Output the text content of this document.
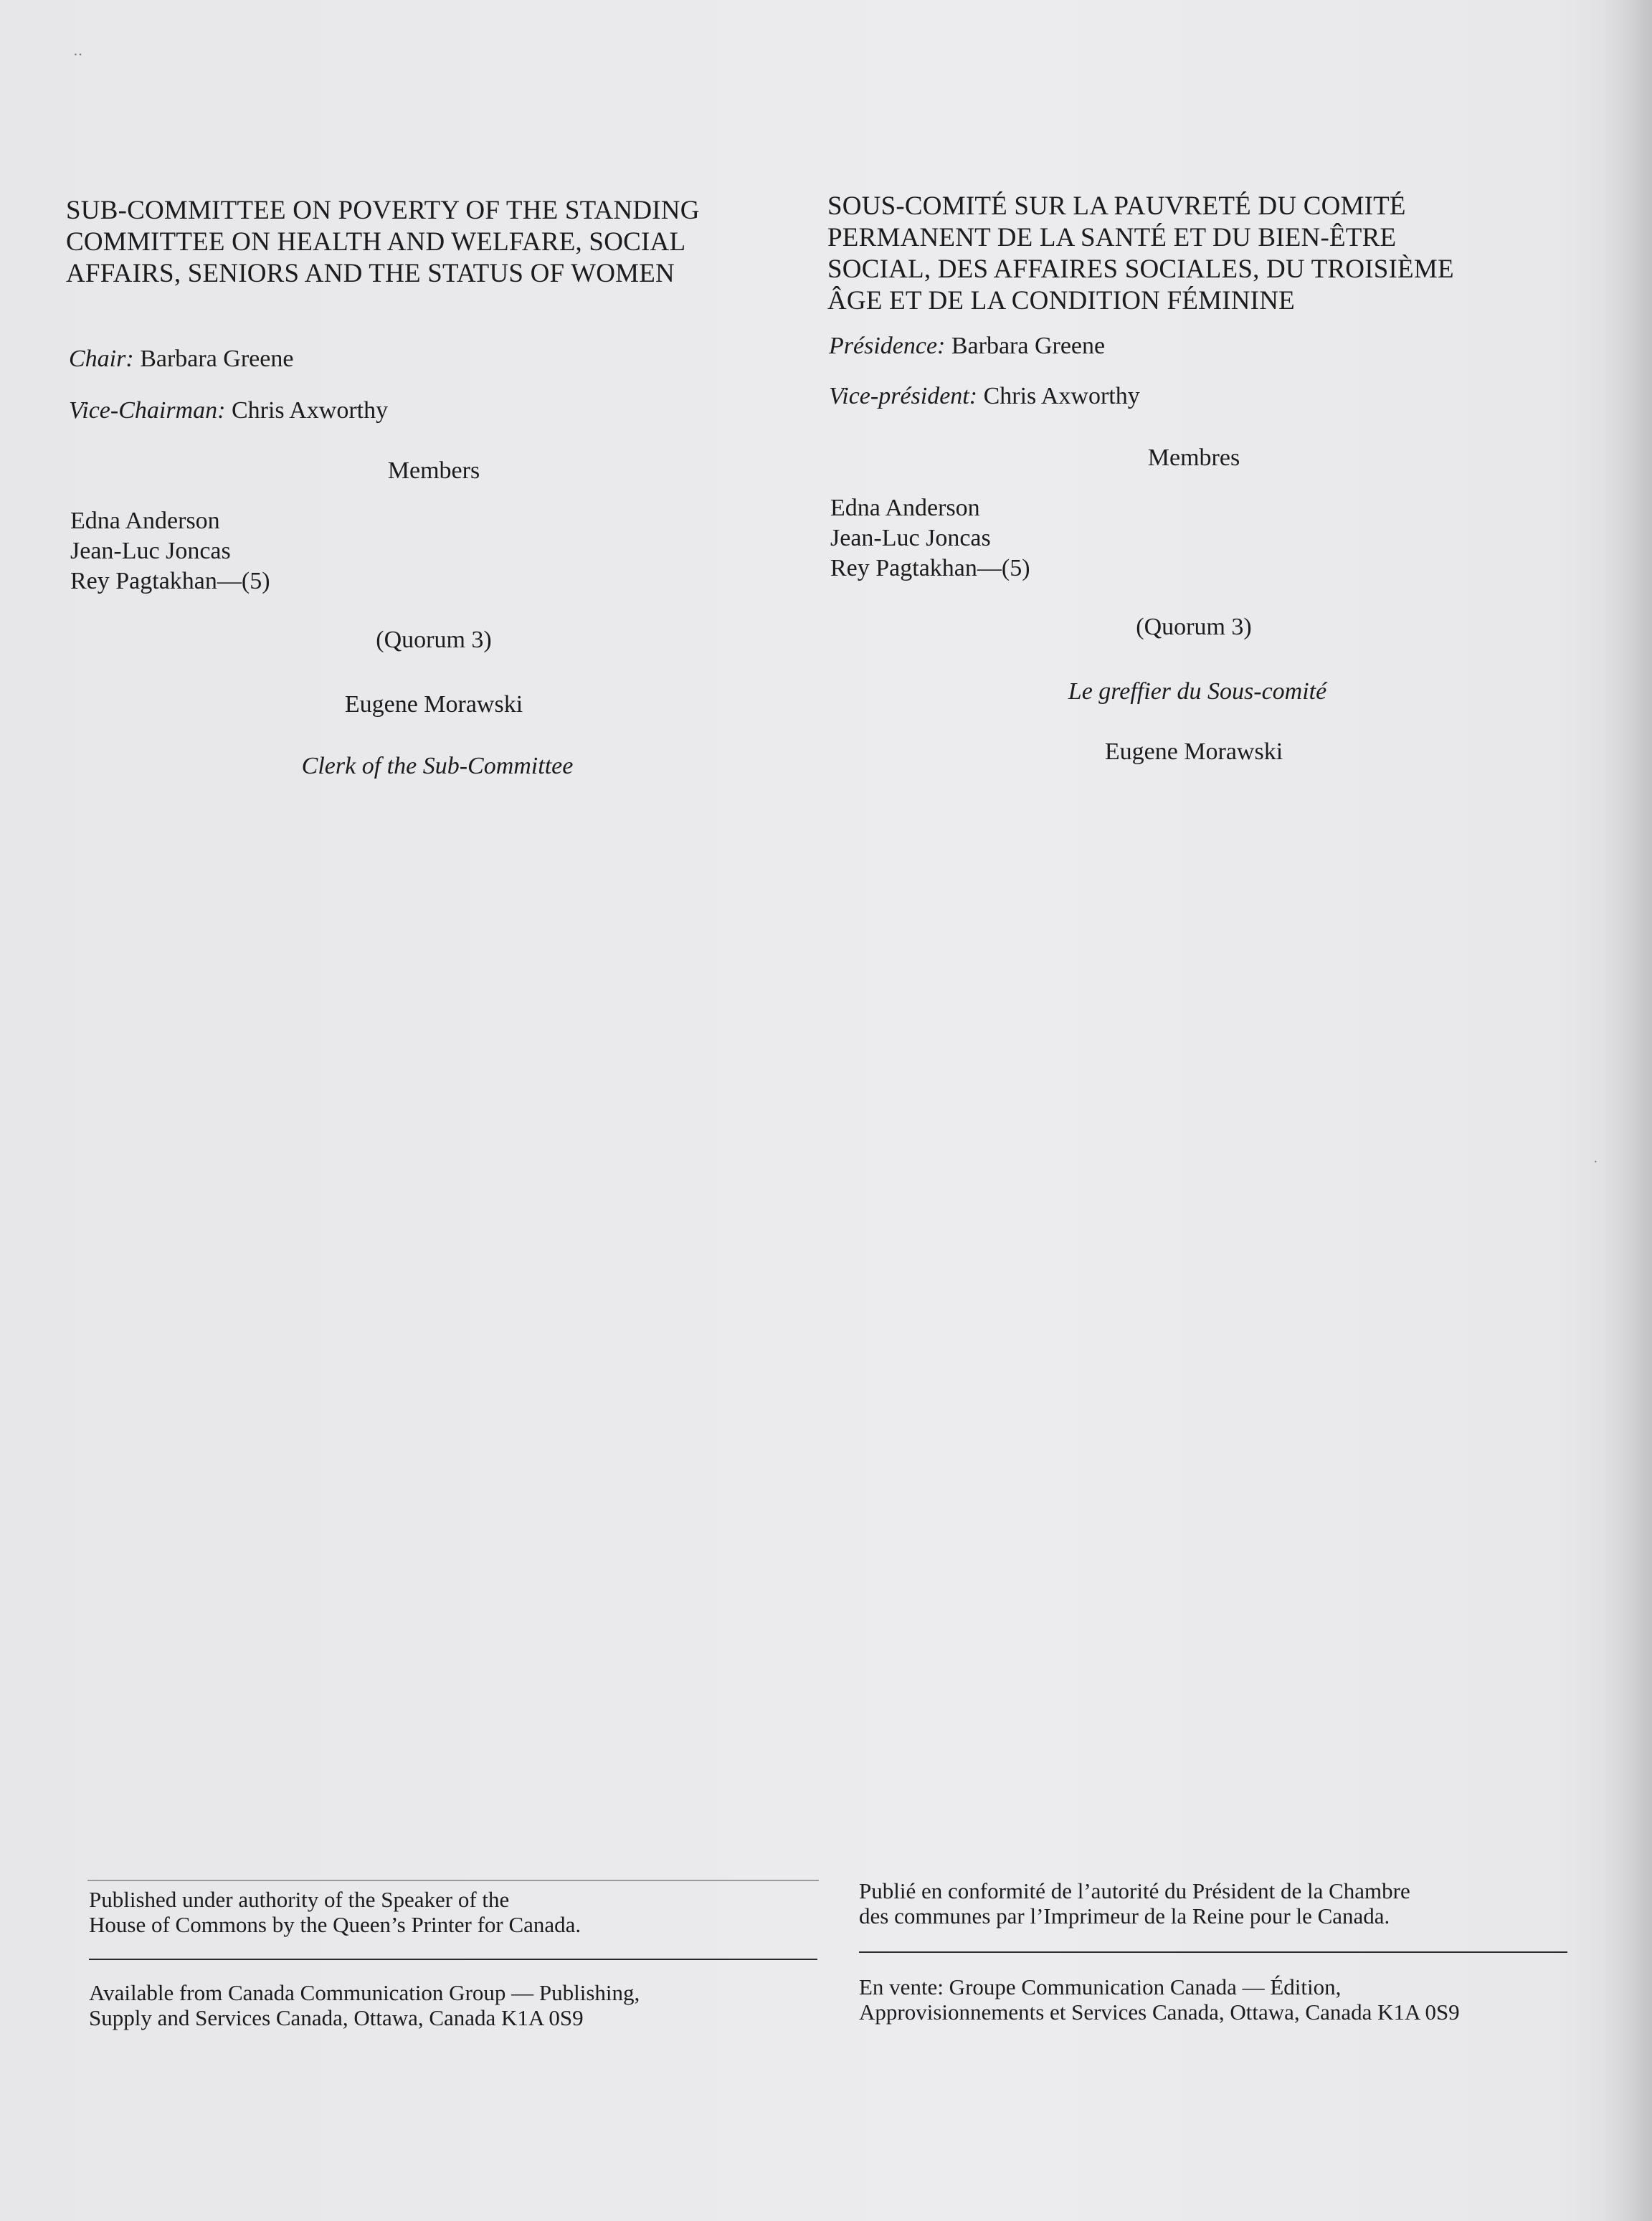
SUB-COMMITTEE ON POVERTY OF THE STANDING

COMMITTEE ON HEALTH AND WELFARE, SOCIAL

AFFAIRS, SENIORS AND THE STATUS OF WOMEN

Chair: Barbara Greene
Vice-Chairman: Chris Axworthy
Members
Edna Anderson
Jean-Luc Joncas
Rey Pagtakhan—(5)
(Quorum 3)
Eugene Morawski
Clerk of the Sub-Committee

SOUS-COMITÉ SUR LA PAUVRETÉ DU COMITÉ

PERMANENT DE LA SANTÉ ET DU BIEN-ÊTRE

SOCIAL, DES AFFAIRES SOCIALES, DU TROISIÈME

ÂGE ET DE LA CONDITION FÉMININE

Présidence: Barbara Greene
Vice-président: Chris Axworthy
Membres
Edna Anderson
Jean-Luc Joncas
Rey Pagtakhan—(5)
(Quorum 3)
Le greffier du Sous-comité
Eugene Morawski
Published under authority of the Speaker of the
House of Commons by the Queen’s Printer for Canada.
Publié en conformité de l’autorité du Président de la Chambre
des communes par l’Imprimeur de la Reine pour le Canada.
Available from Canada Communication Group — Publishing,
Supply and Services Canada, Ottawa, Canada K1A 0S9
En vente: Groupe Communication Canada — Édition,
Approvisionnements et Services Canada, Ottawa, Canada K1A 0S9
‥
·
